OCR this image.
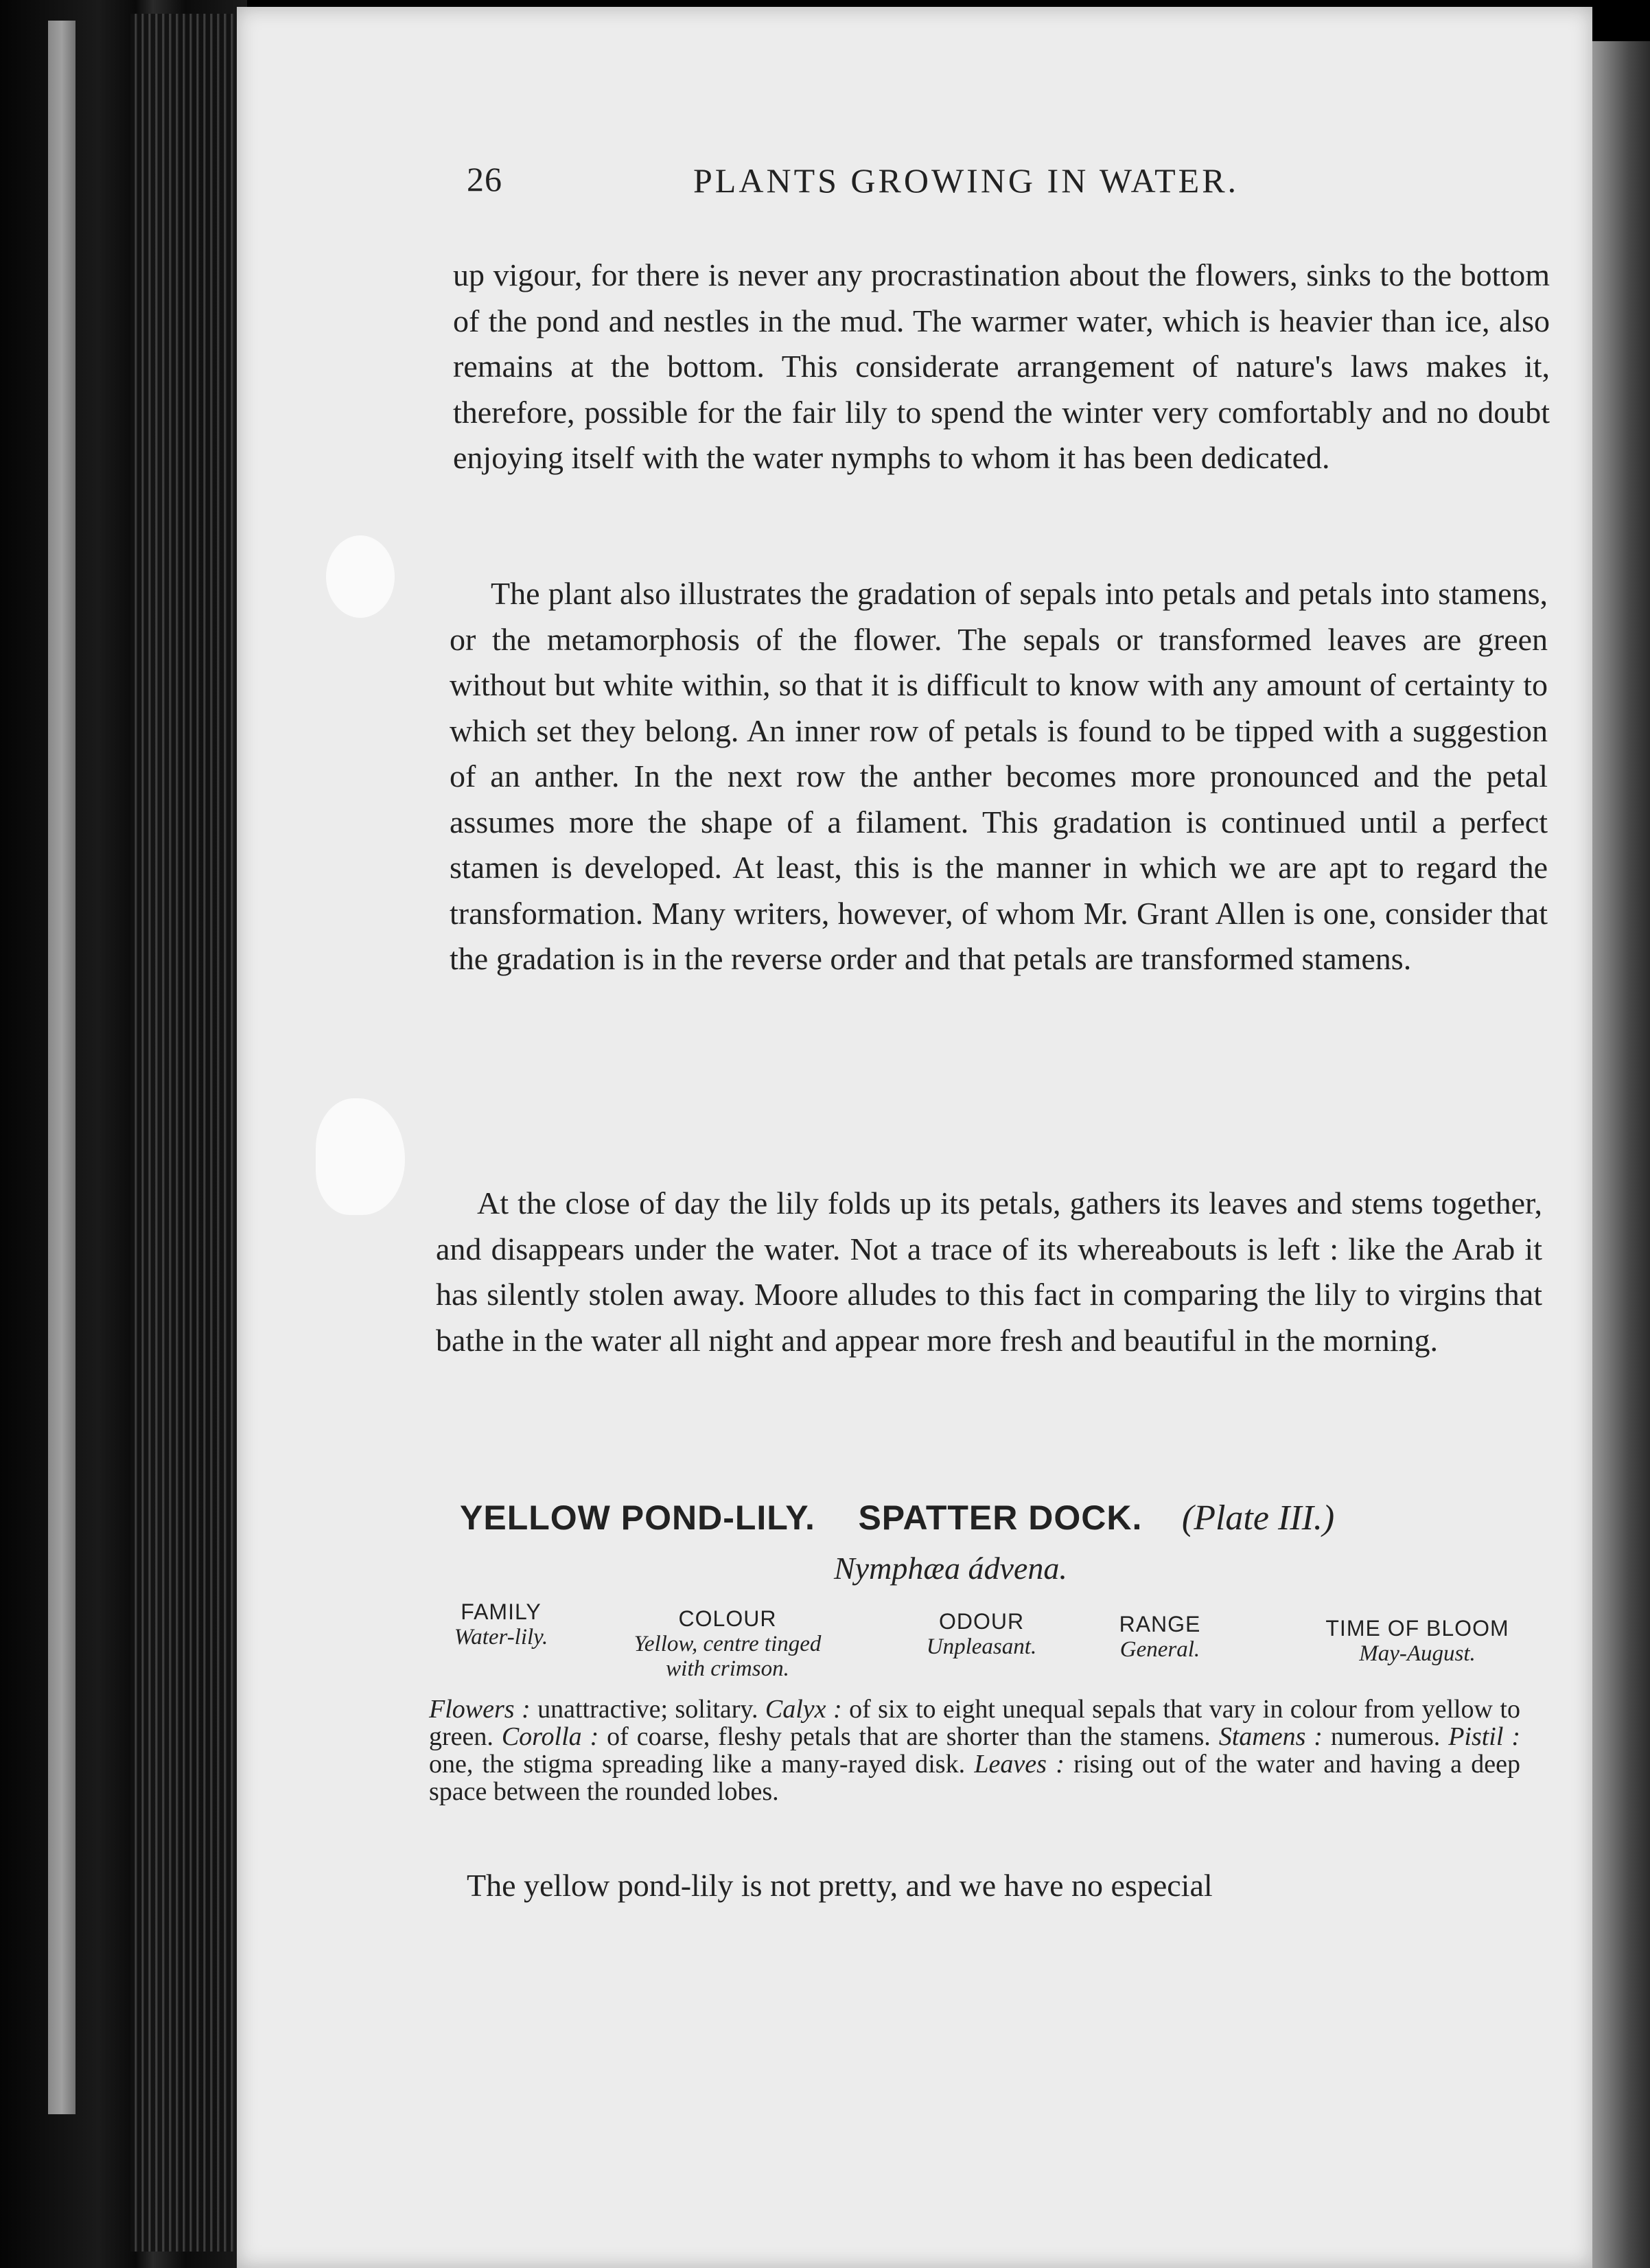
26	PLANTS GROWING IN WATER.

up vigour, for there is never any procrastination about the flowers, sinks to the bottom of the pond and nestles in the mud. The warmer water, which is heavier than ice, also remains at the bottom. This considerate arrangement of nature's laws makes it, therefore, possible for the fair lily to spend the winter very comfortably and no doubt enjoying itself with the water nymphs to whom it has been dedicated.

The plant also illustrates the gradation of sepals into petals and petals into stamens, or the metamorphosis of the flower. The sepals or transformed leaves are green without but white within, so that it is difficult to know with any amount of certainty to which set they belong. An inner row of petals is found to be tipped with a suggestion of an anther. In the next row the anther becomes more pronounced and the petal assumes more the shape of a filament. This gradation is continued until a perfect stamen is developed. At least, this is the manner in which we are apt to regard the transformation. Many writers, however, of whom Mr. Grant Allen is one, consider that the gradation is in the reverse order and that petals are transformed stamens.

At the close of day the lily folds up its petals, gathers its leaves and stems together, and disappears under the water. Not a trace of its whereabouts is left : like the Arab it has silently stolen away. Moore alludes to this fact in comparing the lily to virgins that bathe in the water all night and appear more fresh and beautiful in the morning.

YELLOW POND-LILY. SPATTER DOCK. (Plate III.)
Nymphæa ádvena.
FAMILY
Water-lily.
COLOUR
Yellow, centre tinged
with crimson.
ODOUR
Unpleasant.
RANGE
General.
TIME OF BLOOM
May-August.

Flowers : unattractive; solitary. Calyx : of six to eight unequal sepals that vary in colour from yellow to green. Corolla : of coarse, fleshy petals that are shorter than the stamens. Stamens : numerous. Pistil : one, the stigma spreading like a many-rayed disk. Leaves : rising out of the water and having a deep space between the rounded lobes.

The yellow pond-lily is not pretty, and we have no especial
